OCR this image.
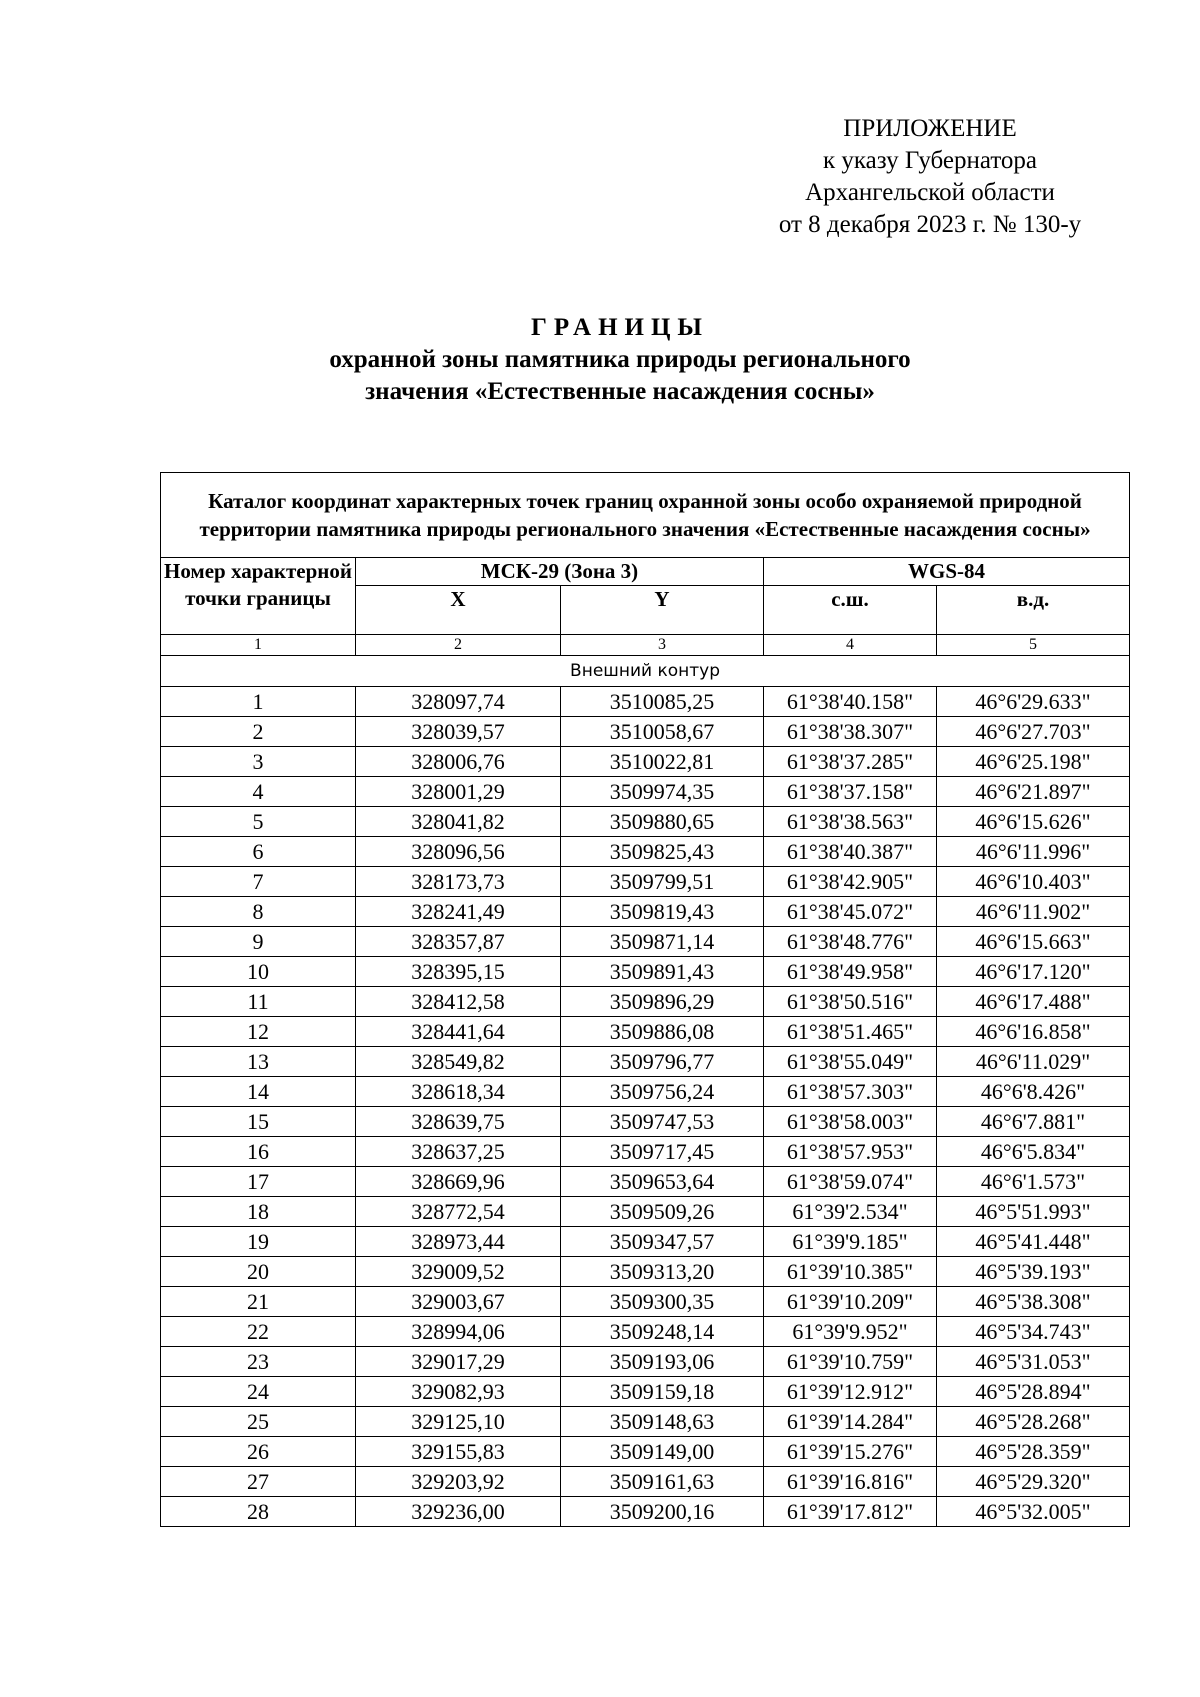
ПРИЛОЖЕНИЕ
к указу Губернатора
Архангельской области
от 8 декабря 2023 г. № 130-у
ГРАНИЦЫ
охранной зоны памятника природы регионального
значения «Естественные насаждения сосны»
Каталог координат характерных точек границ охранной зоны особо охраняемой природной территории памятника природы регионального значения «Естественные насаждения сосны»				
Номер характерной точки границы	МСК-29 (Зона 3)		WGS-84	
	X	Y	с.ш.	в.д.
1	2	3	4	5
Внешний контур				
1	328097,74	3510085,25	61°38'40.158"	46°6'29.633"
2	328039,57	3510058,67	61°38'38.307"	46°6'27.703"
3	328006,76	3510022,81	61°38'37.285"	46°6'25.198"
4	328001,29	3509974,35	61°38'37.158"	46°6'21.897"
5	328041,82	3509880,65	61°38'38.563"	46°6'15.626"
6	328096,56	3509825,43	61°38'40.387"	46°6'11.996"
7	328173,73	3509799,51	61°38'42.905"	46°6'10.403"
8	328241,49	3509819,43	61°38'45.072"	46°6'11.902"
9	328357,87	3509871,14	61°38'48.776"	46°6'15.663"
10	328395,15	3509891,43	61°38'49.958"	46°6'17.120"
11	328412,58	3509896,29	61°38'50.516"	46°6'17.488"
12	328441,64	3509886,08	61°38'51.465"	46°6'16.858"
13	328549,82	3509796,77	61°38'55.049"	46°6'11.029"
14	328618,34	3509756,24	61°38'57.303"	46°6'8.426"
15	328639,75	3509747,53	61°38'58.003"	46°6'7.881"
16	328637,25	3509717,45	61°38'57.953"	46°6'5.834"
17	328669,96	3509653,64	61°38'59.074"	46°6'1.573"
18	328772,54	3509509,26	61°39'2.534"	46°5'51.993"
19	328973,44	3509347,57	61°39'9.185"	46°5'41.448"
20	329009,52	3509313,20	61°39'10.385"	46°5'39.193"
21	329003,67	3509300,35	61°39'10.209"	46°5'38.308"
22	328994,06	3509248,14	61°39'9.952"	46°5'34.743"
23	329017,29	3509193,06	61°39'10.759"	46°5'31.053"
24	329082,93	3509159,18	61°39'12.912"	46°5'28.894"
25	329125,10	3509148,63	61°39'14.284"	46°5'28.268"
26	329155,83	3509149,00	61°39'15.276"	46°5'28.359"
27	329203,92	3509161,63	61°39'16.816"	46°5'29.320"
28	329236,00	3509200,16	61°39'17.812"	46°5'32.005"
